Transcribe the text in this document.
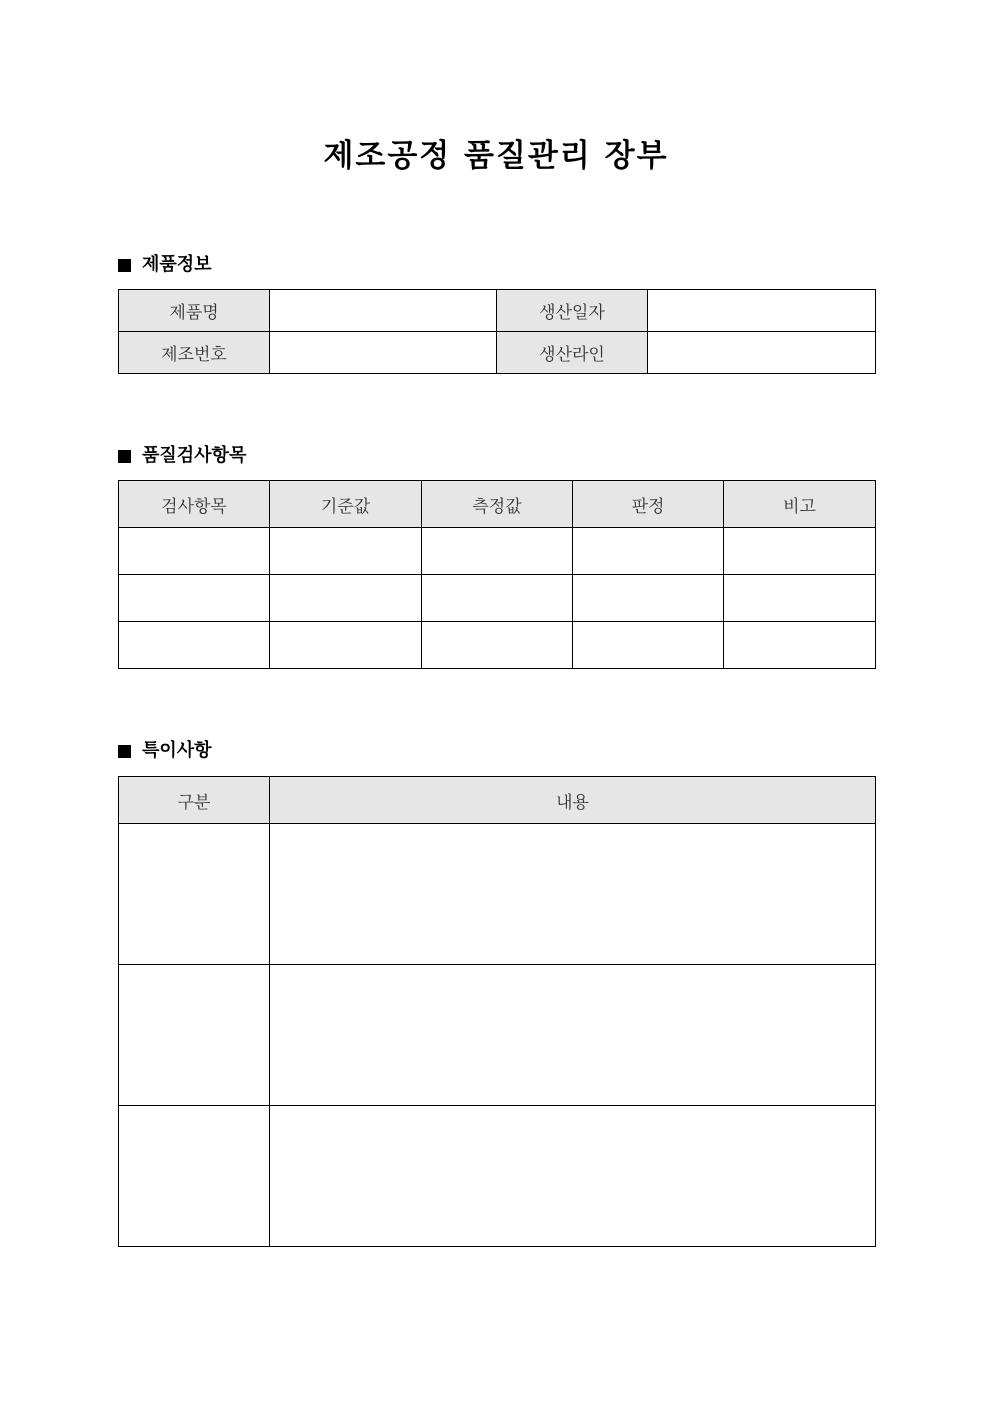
제조공정 품질관리 장부
제품정보
제품명		생산일자	
제조번호		생산라인	
품질검사항목
검사항목	기준값	측정값	판정	비고

특이사항
구분	내용
